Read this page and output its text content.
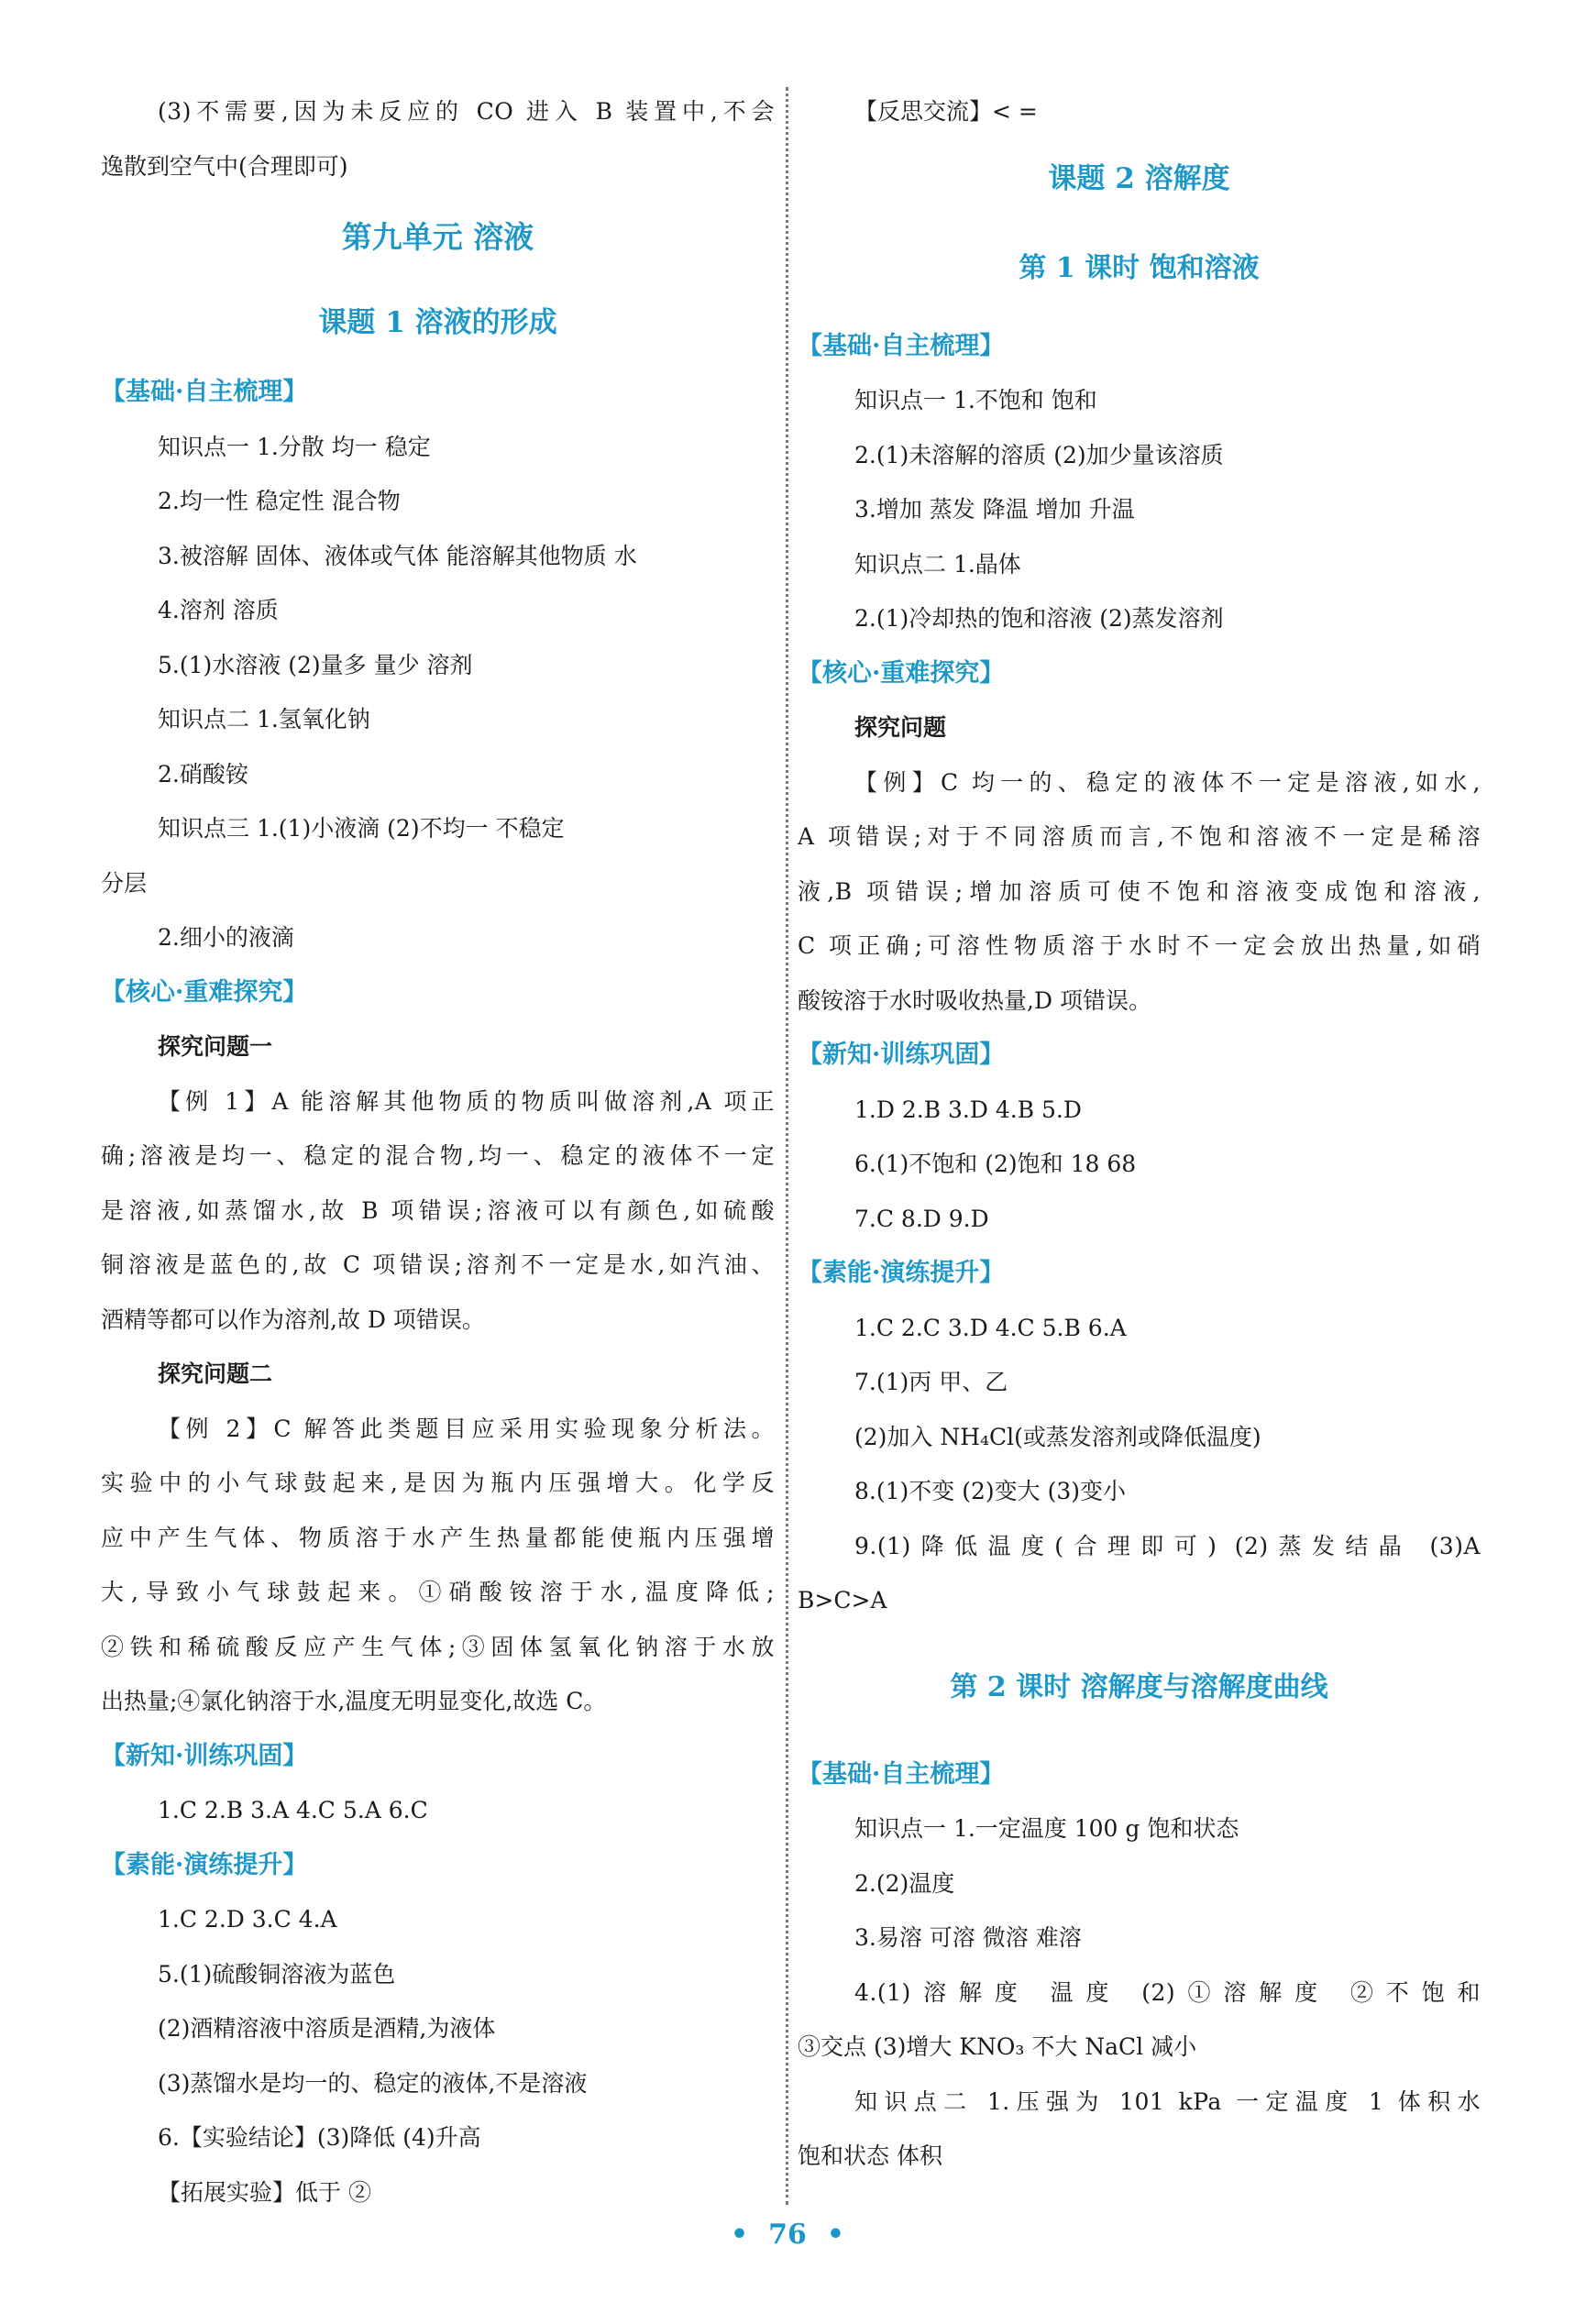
(3)不需要,因为未反应的 CO 进入 B 装置中,不会
逸散到空气中(合理即可)
第九单元 溶液
课题 1 溶液的形成
【基础·自主梳理】
知识点一 1.分散 均一 稳定
2.均一性 稳定性 混合物
3.被溶解 固体、液体或气体 能溶解其他物质 水
4.溶剂 溶质
5.(1)水溶液 (2)量多 量少 溶剂
知识点二 1.氢氧化钠
2.硝酸铵
知识点三 1.(1)小液滴 (2)不均一 不稳定
分层
2.细小的液滴
【核心·重难探究】
探究问题一
【例 1】A 能溶解其他物质的物质叫做溶剂,A 项正
确;溶液是均一、稳定的混合物,均一、稳定的液体不一定
是溶液,如蒸馏水,故 B 项错误;溶液可以有颜色,如硫酸
铜溶液是蓝色的,故 C 项错误;溶剂不一定是水,如汽油、
酒精等都可以作为溶剂,故 D 项错误。
探究问题二
【例 2】C 解答此类题目应采用实验现象分析法。
实验中的小气球鼓起来,是因为瓶内压强增大。化学反
应中产生气体、物质溶于水产生热量都能使瓶内压强增
大,导致小气球鼓起来。①硝酸铵溶于水,温度降低;
②铁和稀硫酸反应产生气体;③固体氢氧化钠溶于水放
出热量;④氯化钠溶于水,温度无明显变化,故选 C。
【新知·训练巩固】
1.C 2.B 3.A 4.C 5.A 6.C
【素能·演练提升】
1.C 2.D 3.C 4.A
5.(1)硫酸铜溶液为蓝色
(2)酒精溶液中溶质是酒精,为液体
(3)蒸馏水是均一的、稳定的液体,不是溶液
6.【实验结论】(3)降低 (4)升高
【拓展实验】低于 ②
【反思交流】< =
课题 2 溶解度
第 1 课时 饱和溶液
【基础·自主梳理】
知识点一 1.不饱和 饱和
2.(1)未溶解的溶质 (2)加少量该溶质
3.增加 蒸发 降温 增加 升温
知识点二 1.晶体
2.(1)冷却热的饱和溶液 (2)蒸发溶剂
【核心·重难探究】
探究问题
【例】C 均一的、稳定的液体不一定是溶液,如水,
A 项错误;对于不同溶质而言,不饱和溶液不一定是稀溶
液,B 项错误;增加溶质可使不饱和溶液变成饱和溶液,
C 项正确;可溶性物质溶于水时不一定会放出热量,如硝
酸铵溶于水时吸收热量,D 项错误。
【新知·训练巩固】
1.D 2.B 3.D 4.B 5.D
6.(1)不饱和 (2)饱和 18 68
7.C 8.D 9.D
【素能·演练提升】
1.C 2.C 3.D 4.C 5.B 6.A
7.(1)丙 甲、乙
(2)加入 NH₄Cl(或蒸发溶剂或降低温度)
8.(1)不变 (2)变大 (3)变小
9.(1)降低温度(合理即可) (2)蒸发结晶 (3)A
B>C>A
第 2 课时 溶解度与溶解度曲线
【基础·自主梳理】
知识点一 1.一定温度 100 g 饱和状态
2.(2)温度
3.易溶 可溶 微溶 难溶
4.(1)溶解度 温度 (2)①溶解度 ②不饱和
③交点 (3)增大 KNO₃ 不大 NaCl 减小
知识点二 1.压强为 101 kPa 一定温度 1 体积水
饱和状态 体积
• 76 •
